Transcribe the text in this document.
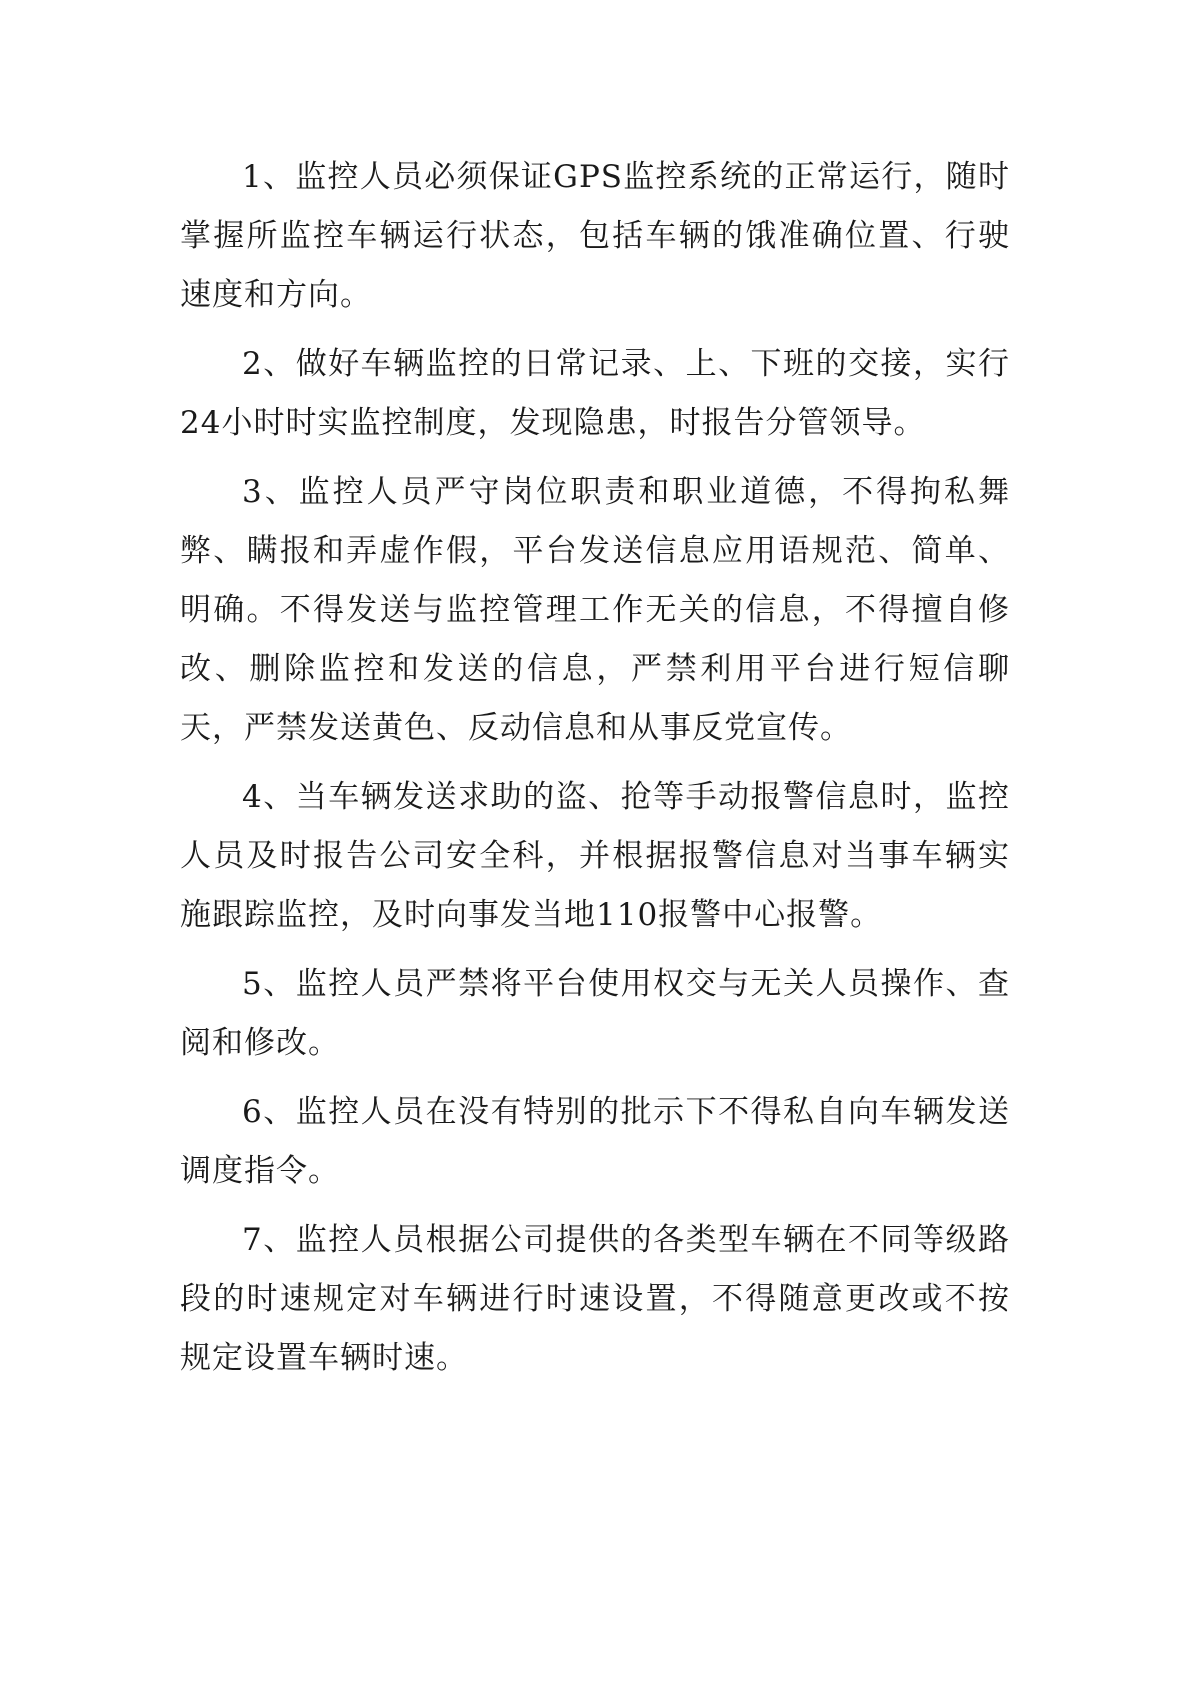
1、监控人员必须保证GPS监控系统的正常运行，随时掌握所监控车辆运行状态，包括车辆的饿准确位置、行驶速度和方向。

2、做好车辆监控的日常记录、上、下班的交接，实行24小时时实监控制度，发现隐患，时报告分管领导。

3、监控人员严守岗位职责和职业道德，不得拘私舞弊、瞒报和弄虚作假，平台发送信息应用语规范、简单、明确。不得发送与监控管理工作无关的信息，不得擅自修改、删除监控和发送的信息，严禁利用平台进行短信聊天，严禁发送黄色、反动信息和从事反党宣传。

4、当车辆发送求助的盗、抢等手动报警信息时，监控人员及时报告公司安全科，并根据报警信息对当事车辆实施跟踪监控，及时向事发当地110报警中心报警。

5、监控人员严禁将平台使用权交与无关人员操作、查阅和修改。

6、监控人员在没有特别的批示下不得私自向车辆发送调度指令。

7、监控人员根据公司提供的各类型车辆在不同等级路段的时速规定对车辆进行时速设置，不得随意更改或不按规定设置车辆时速。
